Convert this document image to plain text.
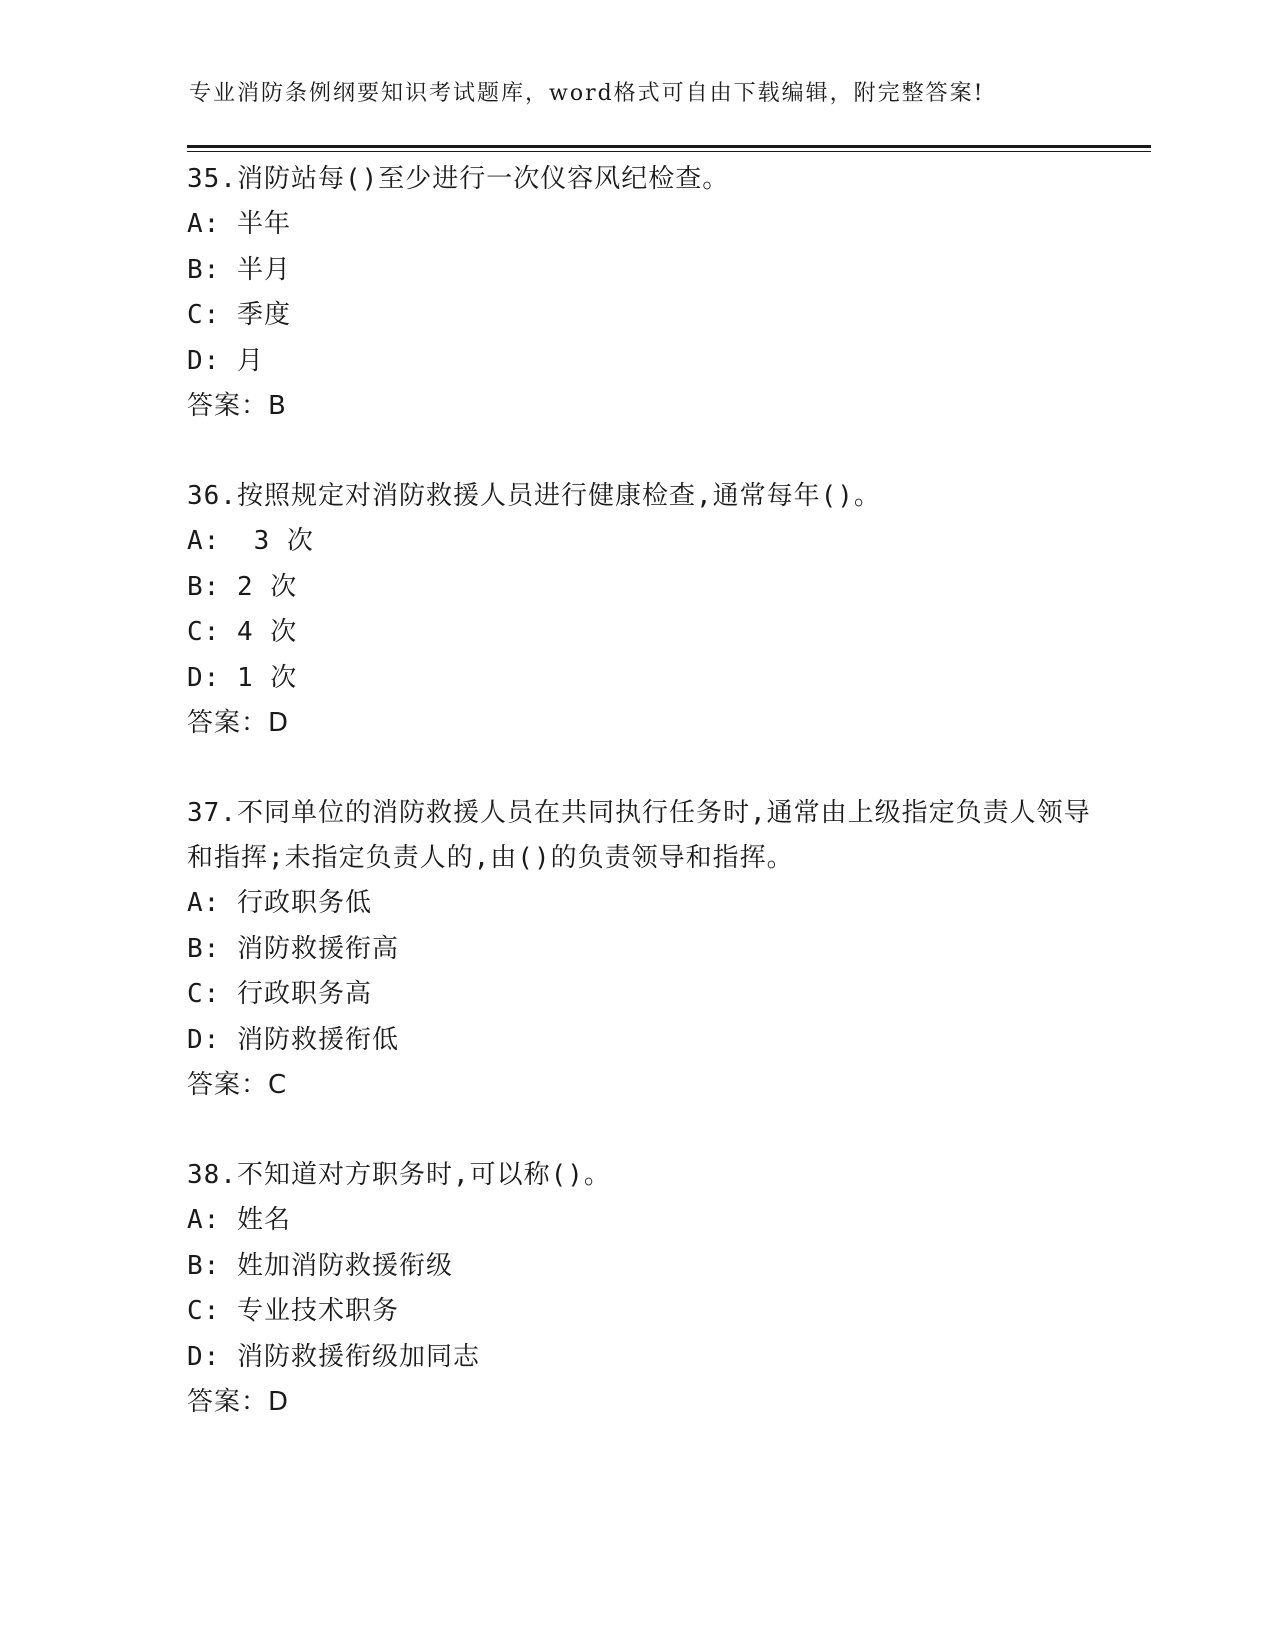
专业消防条例纲要知识考试题库，word格式可自由下载编辑，附完整答案!
35.消防站每()至少进行一次仪容风纪检查。
A: 半年
B: 半月
C: 季度
D: 月
答案：B
36.按照规定对消防救援人员进行健康检查,通常每年()。
A:  3 次
B: 2 次
C: 4 次
D: 1 次
答案：D
37.不同单位的消防救援人员在共同执行任务时,通常由上级指定负责人领导和指挥;未指定负责人的,由()的负责领导和指挥。
A: 行政职务低
B: 消防救援衔高
C: 行政职务高
D: 消防救援衔低
答案：C
38.不知道对方职务时,可以称()。
A: 姓名
B: 姓加消防救援衔级
C: 专业技术职务
D: 消防救援衔级加同志
答案：D
